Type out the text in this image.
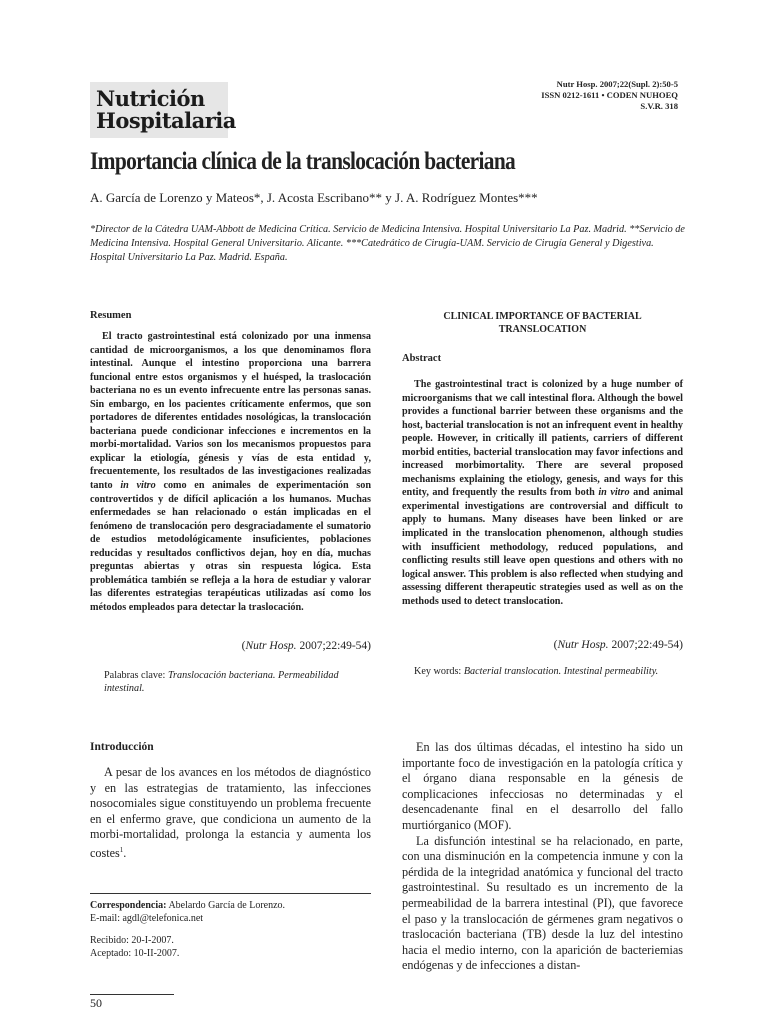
Nutrición
Hospitalaria
Nutr Hosp. 2007;22(Supl. 2):50-5
ISSN 0212-1611 • CODEN NUHOEQ
S.V.R. 318
Importancia clínica de la translocación bacteriana
A. García de Lorenzo y Mateos*, J. Acosta Escribano** y J. A. Rodríguez Montes***
*Director de la Cátedra UAM-Abbott de Medicina Crítica. Servicio de Medicina Intensiva. Hospital Universitario La Paz. Madrid. **Servicio de Medicina Intensiva. Hospital General Universitario. Alicante. ***Catedrático de Cirugía-UAM. Servicio de Cirugía General y Digestiva. Hospital Universitario La Paz. Madrid. España.
Resumen
El tracto gastrointestinal está colonizado por una inmensa cantidad de microorganismos, a los que denominamos flora intestinal. Aunque el intestino proporciona una barrera funcional entre estos organismos y el huésped, la traslocación bacteriana no es un evento infrecuente entre las personas sanas. Sin embargo, en los pacientes críticamente enfermos, que son portadores de diferentes entidades nosológicas, la translocación bacteriana puede condicionar infecciones e incrementos en la morbi-mortalidad. Varios son los mecanismos propuestos para explicar la etiología, génesis y vías de esta entidad y, frecuentemente, los resultados de las investigaciones realizadas tanto in vitro como en animales de experimentación son controvertidos y de difícil aplicación a los humanos. Muchas enfermedades se han relacionado o están implicadas en el fenómeno de translocación pero desgraciadamente el sumatorio de estudios metodológicamente insuficientes, poblaciones reducidas y resultados conflictivos dejan, hoy en día, muchas preguntas abiertas y otras sin respuesta lógica. Esta problemática también se refleja a la hora de estudiar y valorar las diferentes estrategias terapéuticas utilizadas así como los métodos empleados para detectar la traslocación.
(Nutr Hosp. 2007;22:49-54)
Palabras clave: Translocación bacteriana. Permeabilidad intestinal.
CLINICAL IMPORTANCE OF BACTERIAL
TRANSLOCATION
Abstract
The gastrointestinal tract is colonized by a huge number of microorganisms that we call intestinal flora. Although the bowel provides a functional barrier between these organisms and the host, bacterial translocation is not an infrequent event in healthy people. However, in critically ill patients, carriers of different morbid entities, bacterial translocation may favor infections and increased morbimortality. There are several proposed mechanisms explaining the etiology, genesis, and ways for this entity, and frequently the results from both in vitro and animal experimental investigations are controversial and difficult to apply to humans. Many diseases have been linked or are implicated in the translocation phenomenon, although studies with insufficient methodology, reduced populations, and conflicting results still leave open questions and others with no logical answer. This problem is also reflected when studying and assessing different therapeutic strategies used as well as on the methods used to detect translocation.
(Nutr Hosp. 2007;22:49-54)
Key words: Bacterial translocation. Intestinal permeability.
Introducción

A pesar de los avances en los métodos de diagnóstico y en las estrategias de tratamiento, las infecciones nosocomiales sigue constituyendo un problema frecuente en el enfermo grave, que condiciona un aumento de la morbi-mortalidad, prolonga la estancia y aumenta los costes$^1$.

En las dos últimas décadas, el intestino ha sido un importante foco de investigación en la patología crítica y el órgano diana responsable en la génesis de complicaciones infecciosas no determinadas y el desencadenante final en el desarrollo del fallo murtiórganico (MOF).

La disfunción intestinal se ha relacionado, en parte, con una disminución en la competencia inmune y con la pérdida de la integridad anatómica y funcional del tracto gastrointestinal. Su resultado es un incremento de la permeabilidad de la barrera intestinal (PI), que favorece el paso y la translocación de gérmenes gram negativos o traslocación bacteriana (TB) desde la luz del intestino hacia el medio interno, con la aparición de bacteriemias endógenas y de infecciones a distan-

Correspondencia: Abelardo García de Lorenzo.
E-mail: agdl@telefonica.net
Recibido: 20-I-2007.
Aceptado: 10-II-2007.
50
